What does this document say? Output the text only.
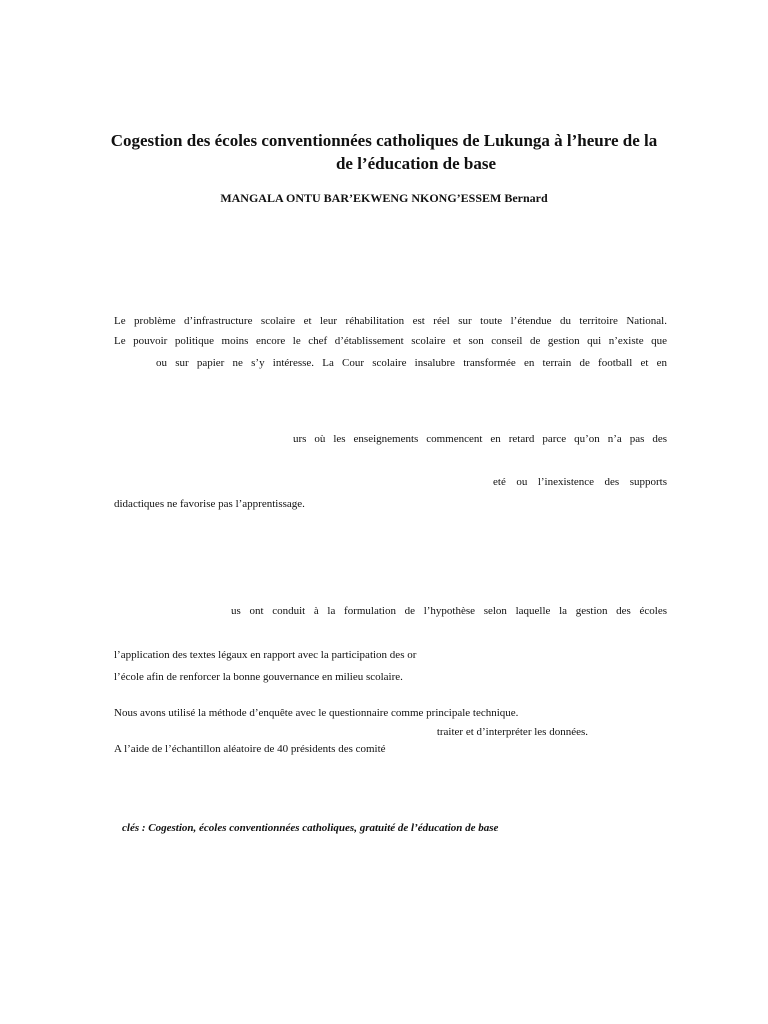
Cogestion des écoles conventionnées catholiques de Lukunga à l’heure de la
de l’éducation de base

MANGALA ONTU BAR’EKWENG NKONG’ESSEM Bernard

Le problème d’infrastructure scolaire et leur réhabilitation est réel sur toute l’étendue du territoire National.

Le pouvoir politique moins encore le chef d’établissement scolaire et son conseil de gestion qui n’existe que

ou sur papier ne s’y intéresse. La Cour scolaire insalubre transformée en terrain de football et en

urs où les enseignements commencent en retard parce qu’on n’a pas des

eté ou l’inexistence des supports

didactiques ne favorise pas l’apprentissage.

us ont conduit à la formulation de l’hypothèse selon laquelle la gestion des écoles

l’application des textes légaux en rapport avec la participation des or

l’école afin de renforcer la bonne gouvernance en milieu scolaire.

Nous avons utilisé la méthode d’enquête avec le questionnaire comme principale technique.

traiter et d’interpréter les données.

A l’aide de l’échantillon aléatoire de 40 présidents des comité

clés : Cogestion, écoles conventionnées catholiques, gratuité de l’éducation de base
